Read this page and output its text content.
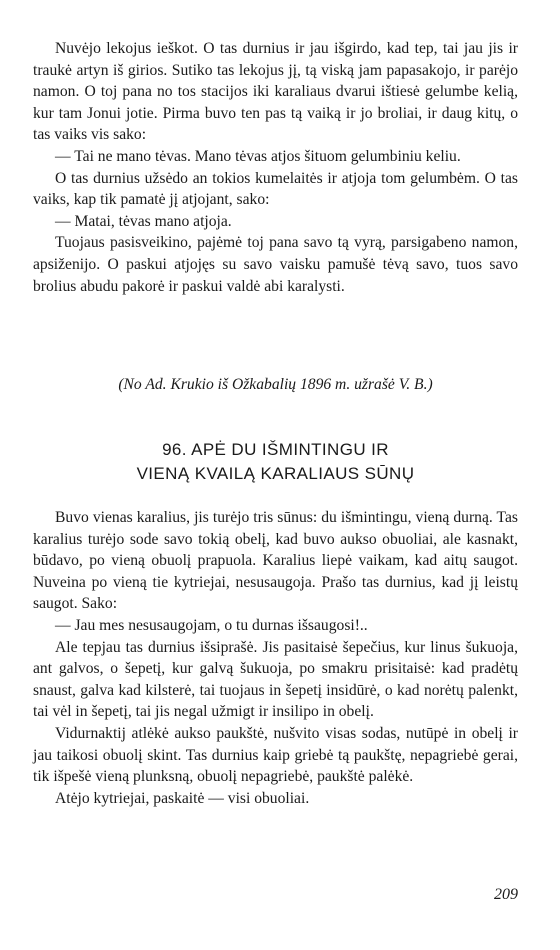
Nuvėjo lekojus ieškot. O tas durnius ir jau išgirdo, kad tep, tai jau jis ir traukė artyn iš girios. Sutiko tas lekojus jį, tą viską jam papasakojo, ir parėjo namon. O toj pana no tos stacijos iki karaliaus dvarui ištiesė gelumbe kelią, kur tam Jonui jotie. Pirma buvo ten pas tą vaiką ir jo broliai, ir daug kitų, o tas vaiks vis sako:

— Tai ne mano tėvas. Mano tėvas atjos šituom gelumbiniu keliu.

O tas durnius užsėdo an tokios kumelaitės ir atjoja tom gelumbėm. O tas vaiks, kap tik pamatė jį atjojant, sako:

— Matai, tėvas mano atjoja.

Tuojaus pasisveikino, pajėmė toj pana savo tą vyrą, parsigabeno namon, apsiženijo. O paskui atjojęs su savo vaisku pamušė tėvą savo, tuos savo brolius abudu pakorė ir paskui valdė abi karalysti.

(No Ad. Krukio iš Ožkabalių 1896 m. užrašė V. B.)

96. APĖ DU IŠMINTINGU IR
VIENĄ KVAILĄ KARALIAUS SŪNŲ

Buvo vienas karalius, jis turėjo tris sūnus: du išmintingu, vieną durną. Tas karalius turėjo sode savo tokią obelį, kad buvo aukso obuoliai, ale kasnakt, būdavo, po vieną obuolį prapuola. Karalius liepė vaikam, kad aitų saugot. Nuveina po vieną tie kytriejai, nesusaugoja. Prašo tas durnius, kad jį leistų saugot. Sako:

— Jau mes nesusaugojam, o tu durnas išsaugosi!..

Ale tepjau tas durnius išsiprašė. Jis pasitaisė šepečius, kur linus šukuoja, ant galvos, o šepetį, kur galvą šukuoja, po smakru prisitaisė: kad pradėtų snaust, galva kad kilsterė, tai tuojaus in šepetį insidūrė, o kad norėtų palenkt, tai vėl in šepetį, tai jis negal užmigt ir insilipo in obelį.

Vidurnaktij atlėkė aukso paukštė, nušvito visas sodas, nutūpė in obelį ir jau taikosi obuolį skint. Tas durnius kaip griebė tą paukštę, nepagriebė gerai, tik išpešė vieną plunksną, obuolį nepagriebė, paukštė palėkė.

Atėjo kytriejai, paskaitė — visi obuoliai.

209
